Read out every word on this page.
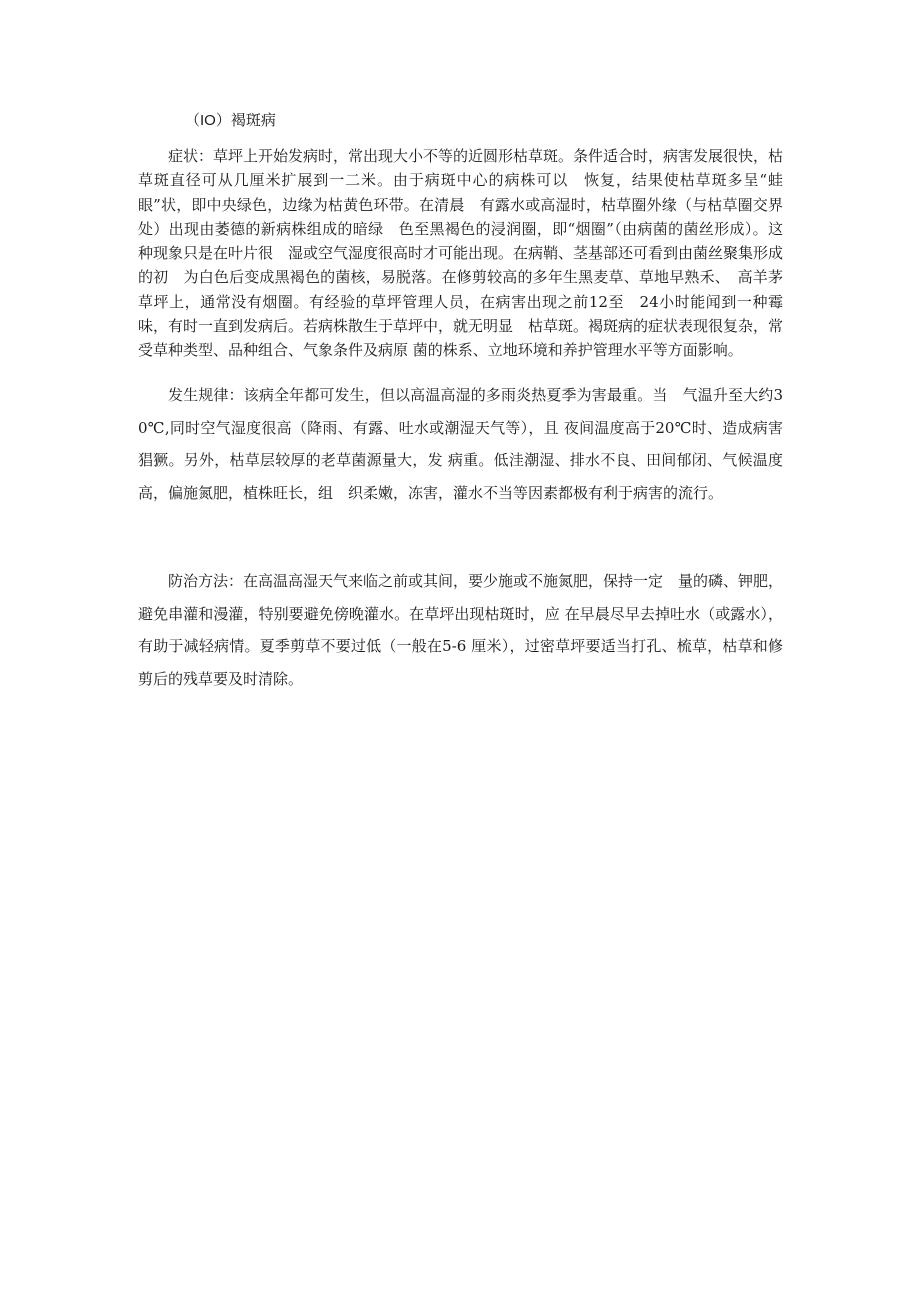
（IO）褐斑病

症状：草坪上开始发病时，常出现大小不等的近圆形枯草斑。条件适合时，病害发展很快，枯草斑直径可从几厘米扩展到一二米。由于病斑中心的病株可以　恢复，结果使枯草斑多呈“蛙眼”状，即中央绿色，边缘为枯黄色环带。在清晨　有露水或高湿时，枯草圈外缘（与枯草圈交界处）出现由萎德的新病株组成的暗绿　色至黑褐色的浸润圈，即“烟圈”（由病菌的菌丝形成）。这种现象只是在叶片很　湿或空气湿度很高时才可能出现。在病鞘、茎基部还可看到由菌丝聚集形成的初　为白色后变成黑褐色的菌核，易脱落。在修剪较高的多年生黑麦草、草地早熟禾、　高羊茅草坪上，通常没有烟圈。有经验的草坪管理人员，在病害出现之前12至　24小时能闻到一种霉味，有时一直到发病后。若病株散生于草坪中，就无明显　枯草斑。褐斑病的症状表现很复杂，常受草种类型、品种组合、气象条件及病原 菌的株系、立地环境和养护管理水平等方面影响。

发生规律：该病全年都可发生，但以高温高湿的多雨炎热夏季为害最重。当　气温升至大约30℃,同时空气湿度很高（降雨、有露、吐水或潮湿天气等），且 夜间温度高于20℃时、造成病害猖獗。另外，枯草层较厚的老草菌源量大，发 病重。低洼潮湿、排水不良、田间郁闭、气候温度高，偏施氮肥，植株旺长，组　织柔嫩，冻害，灌水不当等因素都极有利于病害的流行。

防治方法：在高温高湿天气来临之前或其间，要少施或不施氮肥，保持一定　量的磷、钾肥，避免串灌和漫灌，特别要避免傍晚灌水。在草坪出现枯斑时，应 在早晨尽早去掉吐水（或露水），有助于减轻病情。夏季剪草不要过低（一般在5-6 厘米），过密草坪要适当打孔、梳草，枯草和修剪后的残草要及时清除。
